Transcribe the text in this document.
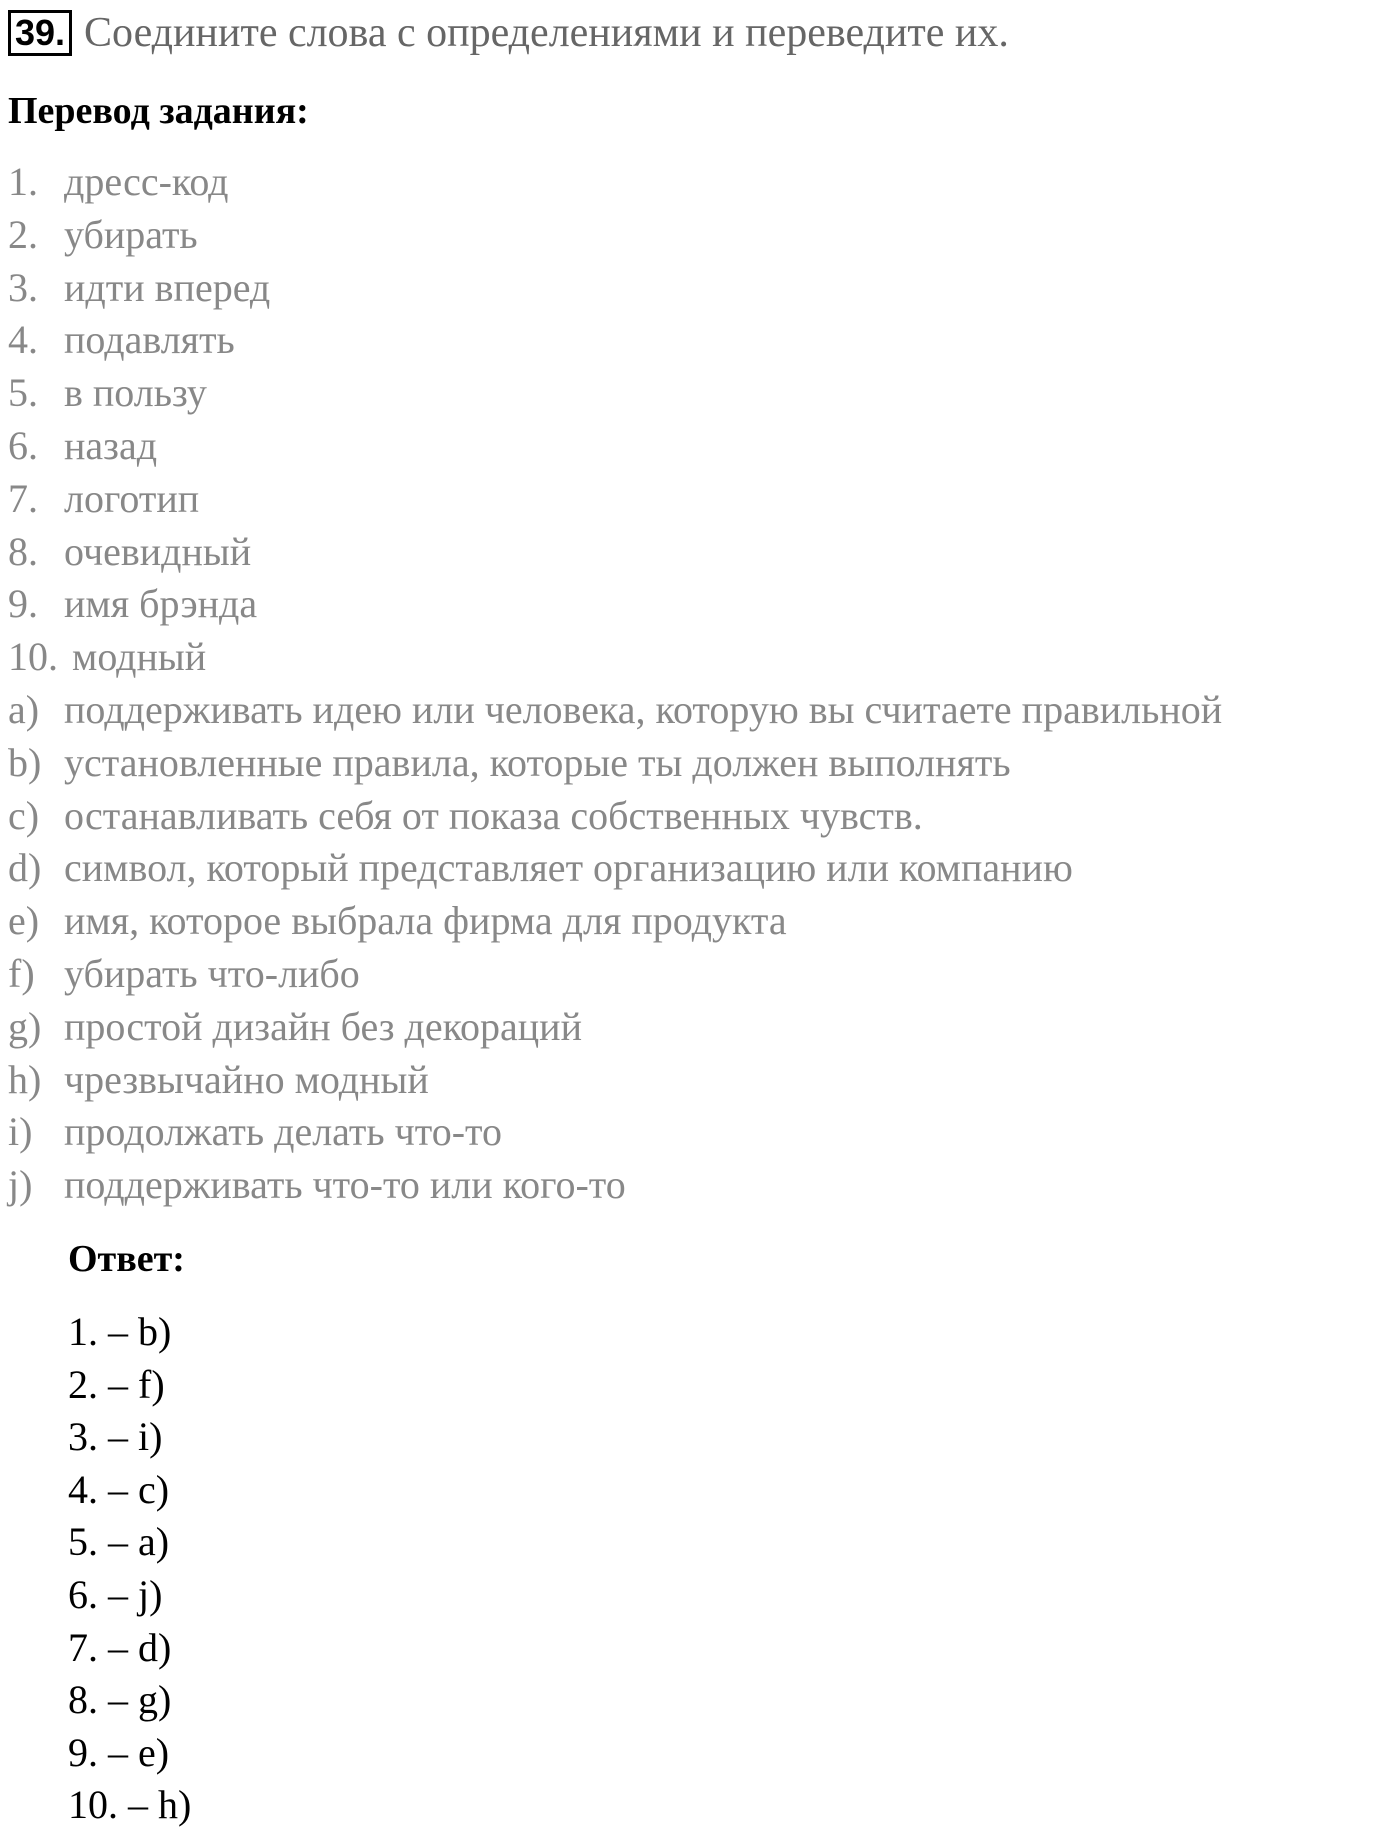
39. Соедините слова с определениями и переведите их.
Перевод задания:
1. дресс-код
2. убирать
3. идти вперед
4. подавлять
5. в пользу
6. назад
7. логотип
8. очевидный
9. имя брэнда
10. модный
a) поддерживать идею или человека, которую вы считаете правильной
b) установленные правила, которые ты должен выполнять
c) останавливать себя от показа собственных чувств.
d) символ, который представляет организацию или компанию
e) имя, которое выбрала фирма для продукта
f) убирать что-либо
g) простой дизайн без декораций
h) чрезвычайно модный
i) продолжать делать что-то
j) поддерживать что-то или кого-то
Ответ:
1. – b)
2. – f)
3. – i)
4. – c)
5. – a)
6. – j)
7. – d)
8. – g)
9. – e)
10. – h)
